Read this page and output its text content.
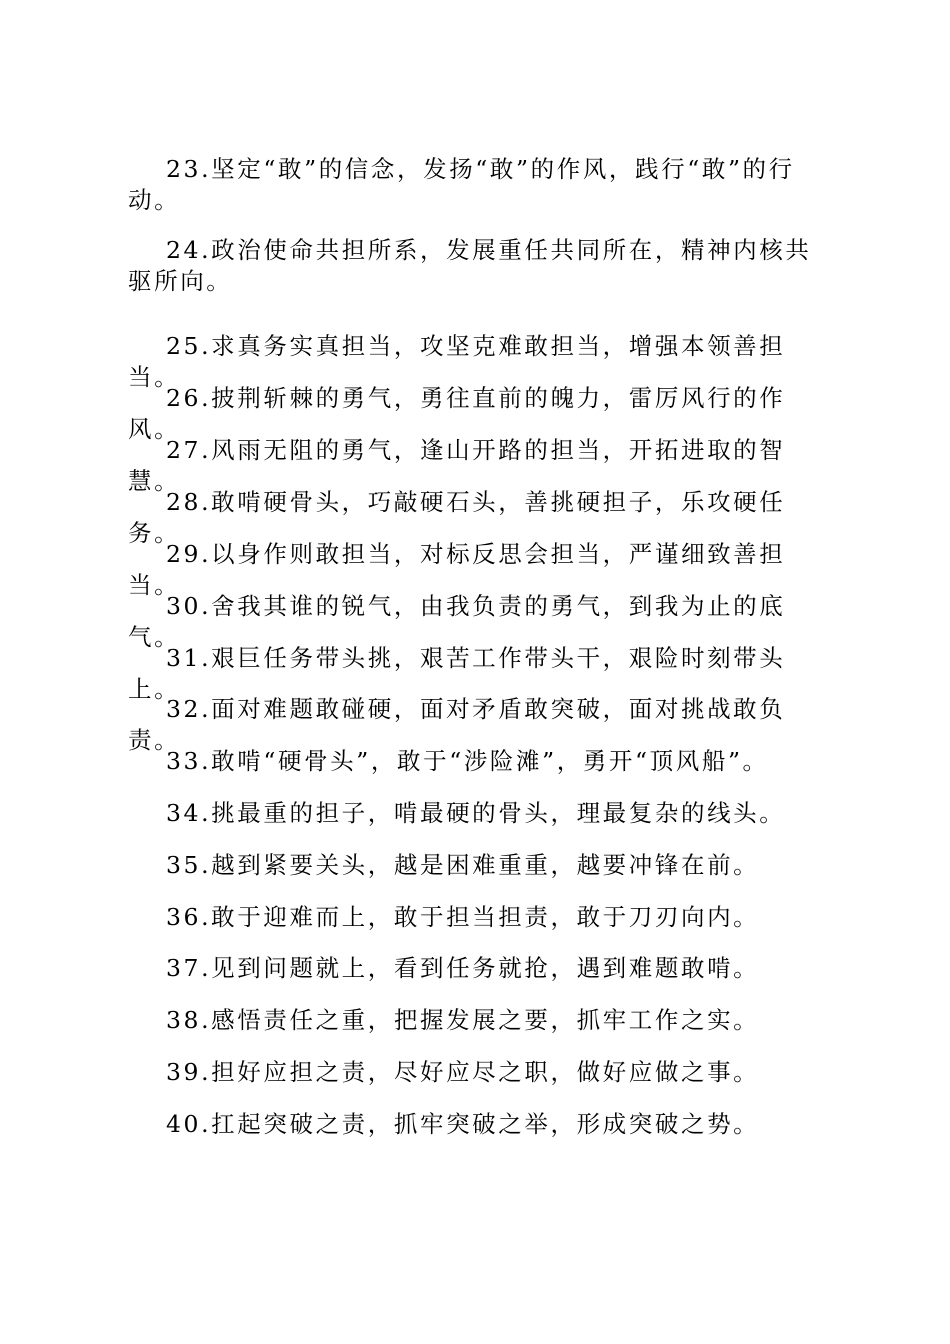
23.坚定“敢”的信念，发扬“敢”的作风，践行“敢”的行动。

24.政治使命共担所系，发展重任共同所在，精神内核共驱所向。

25.求真务实真担当，攻坚克难敢担当，增强本领善担当。

26.披荆斩棘的勇气，勇往直前的魄力，雷厉风行的作风。

27.风雨无阻的勇气，逢山开路的担当，开拓进取的智慧。

28.敢啃硬骨头，巧敲硬石头，善挑硬担子，乐攻硬任务。

29.以身作则敢担当，对标反思会担当，严谨细致善担当。

30.舍我其谁的锐气，由我负责的勇气，到我为止的底气。

31.艰巨任务带头挑，艰苦工作带头干，艰险时刻带头上。

32.面对难题敢碰硬，面对矛盾敢突破，面对挑战敢负责。

33.敢啃“硬骨头”，敢于“涉险滩”，勇开“顶风船”。

34.挑最重的担子，啃最硬的骨头，理最复杂的线头。

35.越到紧要关头，越是困难重重，越要冲锋在前。

36.敢于迎难而上，敢于担当担责，敢于刀刃向内。

37.见到问题就上，看到任务就抢，遇到难题敢啃。

38.感悟责任之重，把握发展之要，抓牢工作之实。

39.担好应担之责，尽好应尽之职，做好应做之事。

40.扛起突破之责，抓牢突破之举，形成突破之势。
